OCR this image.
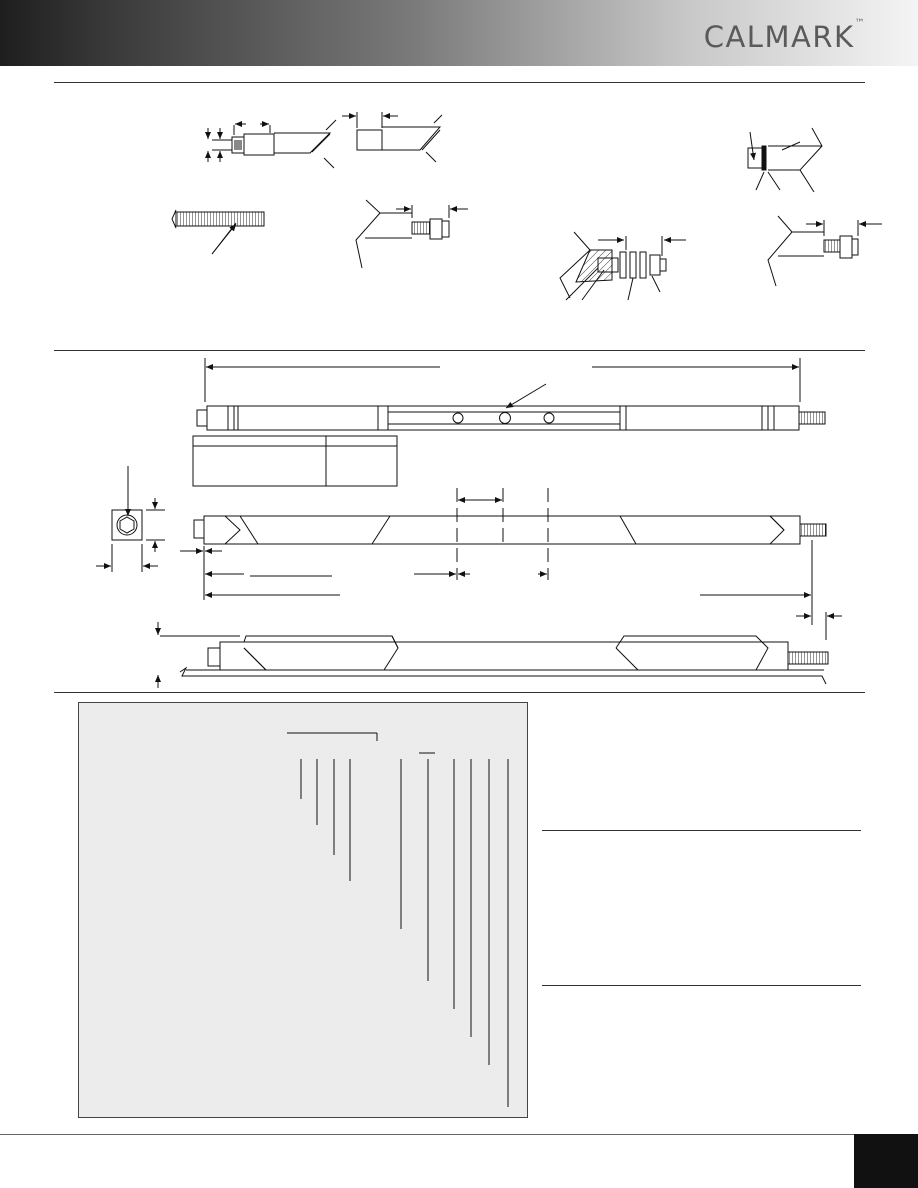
CALMARK™
